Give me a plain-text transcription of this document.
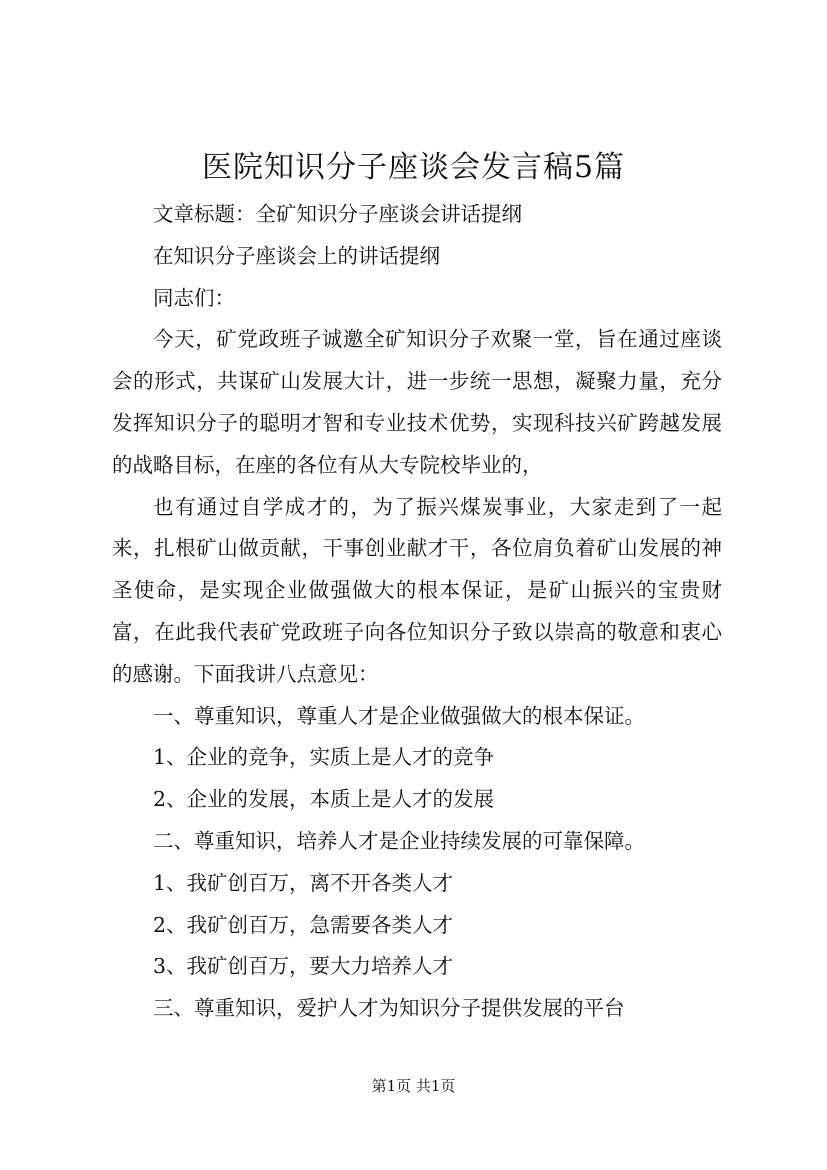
医院知识分子座谈会发言稿5篇

文章标题：全矿知识分子座谈会讲话提纲

在知识分子座谈会上的讲话提纲

同志们：

今天，矿党政班子诚邀全矿知识分子欢聚一堂，旨在通过座谈会的形式，共谋矿山发展大计，进一步统一思想，凝聚力量，充分发挥知识分子的聪明才智和专业技术优势，实现科技兴矿跨越发展的战略目标，在座的各位有从大专院校毕业的，

也有通过自学成才的，为了振兴煤炭事业，大家走到了一起来，扎根矿山做贡献，干事创业献才干，各位肩负着矿山发展的神圣使命，是实现企业做强做大的根本保证，是矿山振兴的宝贵财富，在此我代表矿党政班子向各位知识分子致以崇高的敬意和衷心的感谢。下面我讲八点意见：

一、尊重知识，尊重人才是企业做强做大的根本保证。

1、企业的竞争，实质上是人才的竞争

2、企业的发展，本质上是人才的发展

二、尊重知识，培养人才是企业持续发展的可靠保障。

1、我矿创百万，离不开各类人才

2、我矿创百万，急需要各类人才

3、我矿创百万，要大力培养人才

三、尊重知识，爱护人才为知识分子提供发展的平台

第1页 共1页
